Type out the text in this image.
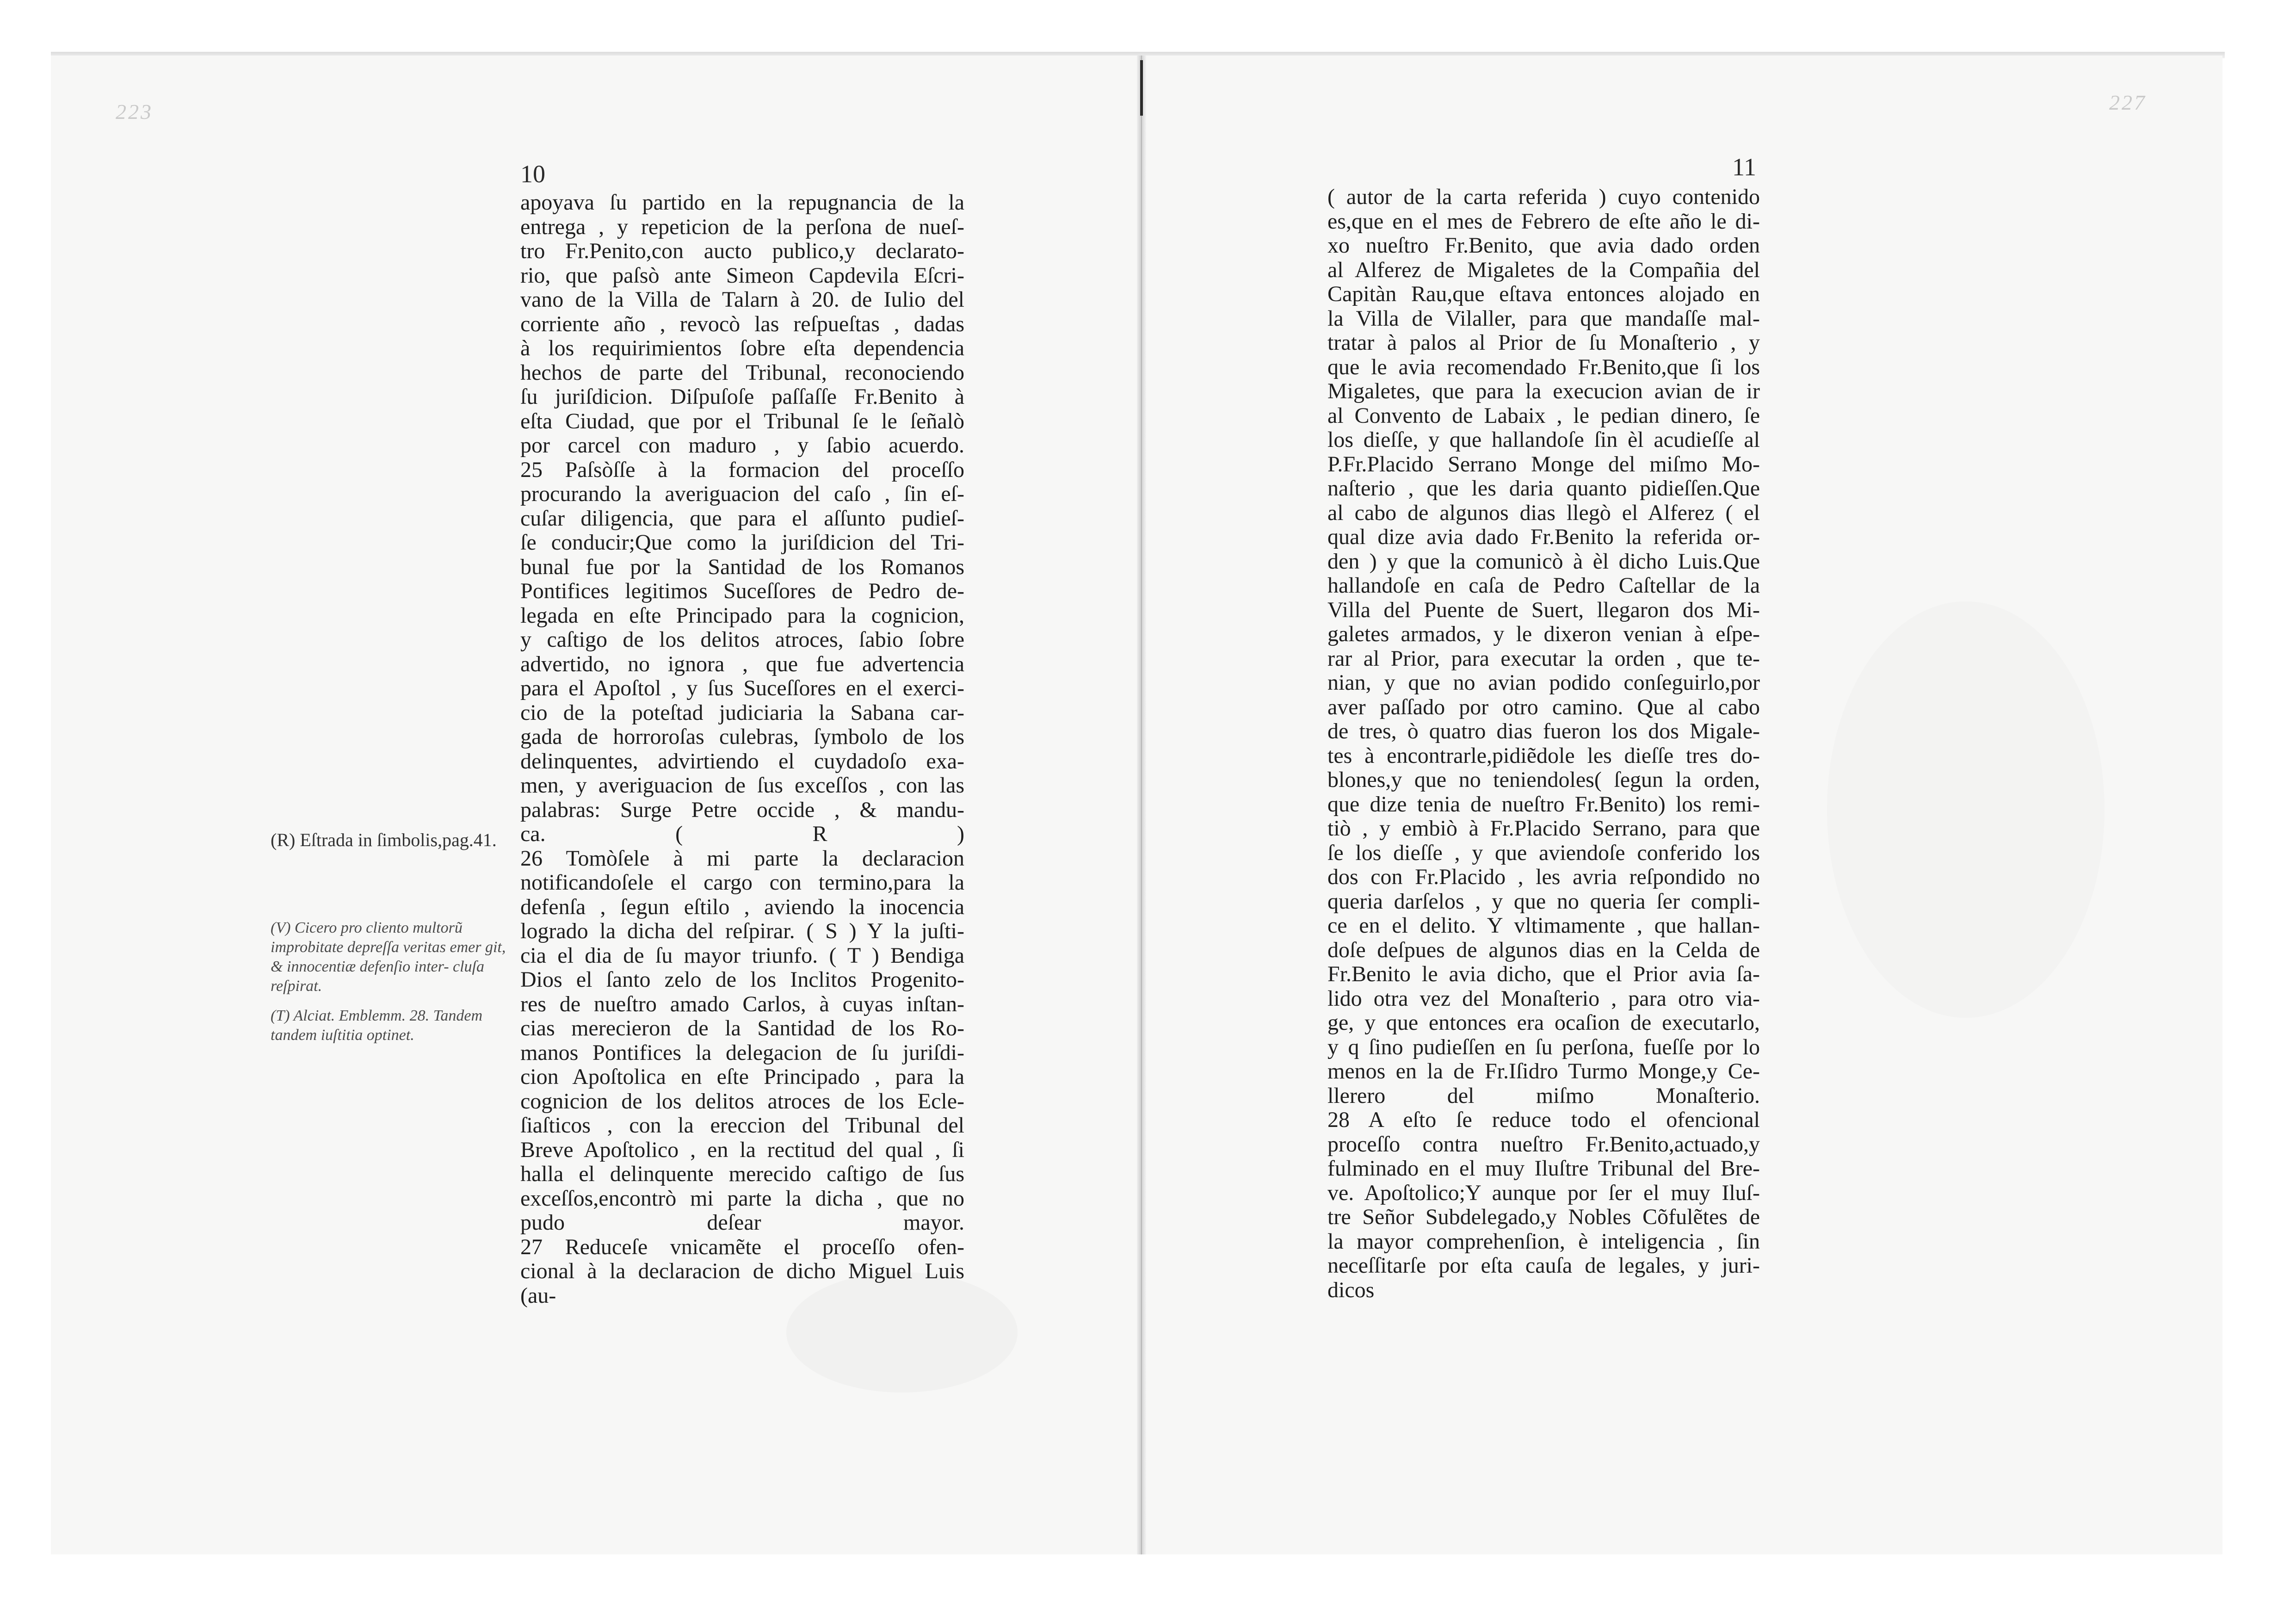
223	227
10	11
apoyava ſu partido en la repugnancia de la
entrega , y repeticion de la perſona de nueſ-
tro Fr.Penito,con aucto publico,y declarato-
rio, que paſsò ante Simeon Capdevila Eſcri-
vano de la Villa de Talarn à 20. de Iulio del
corriente año , revocò las reſpueſtas , dadas
à los requirimientos ſobre eſta dependencia
hechos de parte del Tribunal, reconociendo
ſu juriſdicion. Diſpuſoſe paſſaſſe Fr.Benito à
eſta Ciudad, que por el Tribunal ſe le ſeñalò
por carcel con maduro , y ſabio acuerdo.
25 Paſsòſſe à la formacion del proceſſo
procurando la averiguacion del caſo , ſin eſ-
cuſar diligencia, que para el aſſunto pudieſ-
ſe conducir;Que como la juriſdicion del Tri-
bunal fue por la Santidad de los Romanos
Pontifices legitimos Suceſſores de Pedro de-
legada en eſte Principado para la cognicion,
y caſtigo de los delitos atroces, ſabio ſobre
advertido, no ignora , que fue advertencia
para el Apoſtol , y ſus Suceſſores en el exerci-
cio de la poteſtad judiciaria la Sabana car-
gada de horroroſas culebras, ſymbolo de los
delinquentes, advirtiendo el cuydadoſo exa-
men, y averiguacion de ſus exceſſos , con las
palabras: Surge Petre occide , & mandu-
ca. ( R )
26 Tomòſele à mi parte la declaracion
notificandoſele el cargo con termino,para la
defenſa , ſegun eſtilo , aviendo la inocencia
logrado la dicha del reſpirar. ( S ) Y la juſti-
cia el dia de ſu mayor triunfo. ( T ) Bendiga
Dios el ſanto zelo de los Inclitos Progenito-
res de nueſtro amado Carlos, à cuyas inſtan-
cias merecieron de la Santidad de los Ro-
manos Pontifices la delegacion de ſu juriſdi-
cion Apoſtolica en eſte Principado , para la
cognicion de los delitos atroces de los Ecle-
ſiaſticos , con la ereccion del Tribunal del
Breve Apoſtolico , en la rectitud del qual , ſi
halla el delinquente merecido caſtigo de ſus
exceſſos,encontrò mi parte la dicha , que no
pudo deſear mayor.
27 Reduceſe vnicamẽte el proceſſo ofen-
cional à la declaracion de dicho Miguel Luis
(au-
( autor de la carta referida ) cuyo contenido
es,que en el mes de Febrero de eſte año le di-
xo nueſtro Fr.Benito, que avia dado orden
al Alferez de Migaletes de la Compañia del
Capitàn Rau,que eſtava entonces alojado en
la Villa de Vilaller, para que mandaſſe mal-
tratar à palos al Prior de ſu Monaſterio , y
que le avia recomendado Fr.Benito,que ſi los
Migaletes, que para la execucion avian de ir
al Convento de Labaix , le pedian dinero, ſe
los dieſſe, y que hallandoſe ſin èl acudieſſe al
P.Fr.Placido Serrano Monge del miſmo Mo-
naſterio , que les daria quanto pidieſſen.Que
al cabo de algunos dias llegò el Alferez ( el
qual dize avia dado Fr.Benito la referida or-
den ) y que la comunicò à èl dicho Luis.Que
hallandoſe en caſa de Pedro Caſtellar de la
Villa del Puente de Suert, llegaron dos Mi-
galetes armados, y le dixeron venian à eſpe-
rar al Prior, para executar la orden , que te-
nian, y que no avian podido conſeguirlo,por
aver paſſado por otro camino. Que al cabo
de tres, ò quatro dias fueron los dos Migale-
tes à encontrarle,pidiẽdole les dieſſe tres do-
blones,y que no teniendoles( ſegun la orden,
que dize tenia de nueſtro Fr.Benito) los remi-
tiò , y embiò à Fr.Placido Serrano, para que
ſe los dieſſe , y que aviendoſe conferido los
dos con Fr.Placido , les avria reſpondido no
queria darſelos , y que no queria ſer compli-
ce en el delito. Y vltimamente , que hallan-
doſe deſpues de algunos dias en la Celda de
Fr.Benito le avia dicho, que el Prior avia ſa-
lido otra vez del Monaſterio , para otro via-
ge, y que entonces era ocaſion de executarlo,
y q ſino pudieſſen en ſu perſona, fueſſe por lo
menos en la de Fr.Iſidro Turmo Monge,y Ce-
llerero del miſmo Monaſterio.
28 A eſto ſe reduce todo el ofencional
proceſſo contra nueſtro Fr.Benito,actuado,y
fulminado en el muy Iluſtre Tribunal del Bre-
ve. Apoſtolico;Y aunque por ſer el muy Iluſ-
tre Señor Subdelegado,y Nobles Cõfulẽtes de
la mayor comprehenſion, è inteligencia , ſin
neceſſitarſe por eſta cauſa de legales, y juri-
dicos
(R) Eſtrada in ſimbolis,pag.41.
(V) Cicero pro cliento multorũ improbitate depreſſa veritas emer git, & innocentiæ defenſio inter- cluſa reſpirat.
(T) Alciat. Emblemm. 28. Tandem tandem iuſtitia optinet.
